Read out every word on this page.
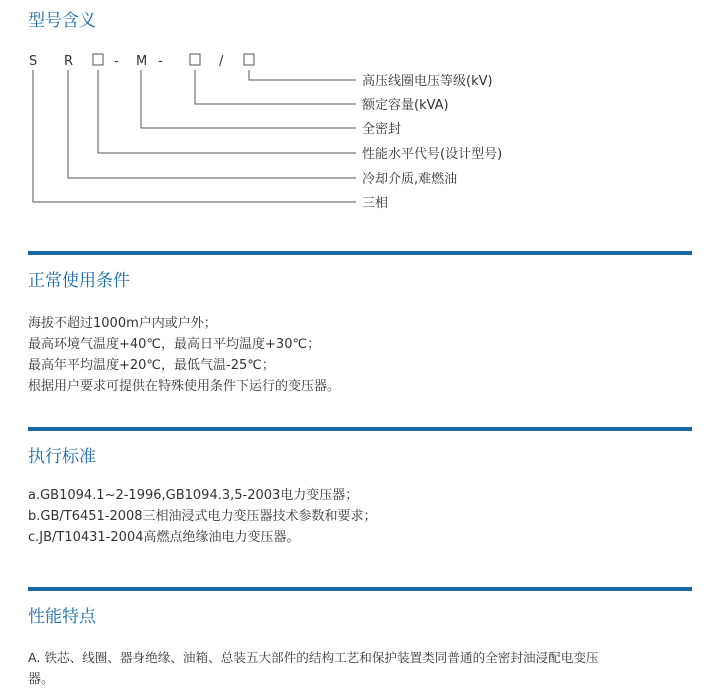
型号含义
S R	- M -	/
高压线圈电压等级(kV)
额定容量(kVA)
全密封
性能水平代号(设计型号)
冷却介质,难燃油
三相
正常使用条件
海拔不超过1000m户内或户外；
最高环境气温度+40℃，最高日平均温度+30℃；
最高年平均温度+20℃，最低气温-25℃；
根据用户要求可提供在特殊使用条件下运行的变压器。
执行标准
a.GB1094.1~2-1996,GB1094.3,5-2003电力变压器；
b.GB/T6451-2008三相油浸式电力变压器技术参数和要求；
c.JB/T10431-2004高燃点绝缘油电力变压器。
性能特点
A. 铁芯、线圈、器身绝缘、油箱、总装五大部件的结构工艺和保护装置类同普通的全密封油浸配电变压
器。
